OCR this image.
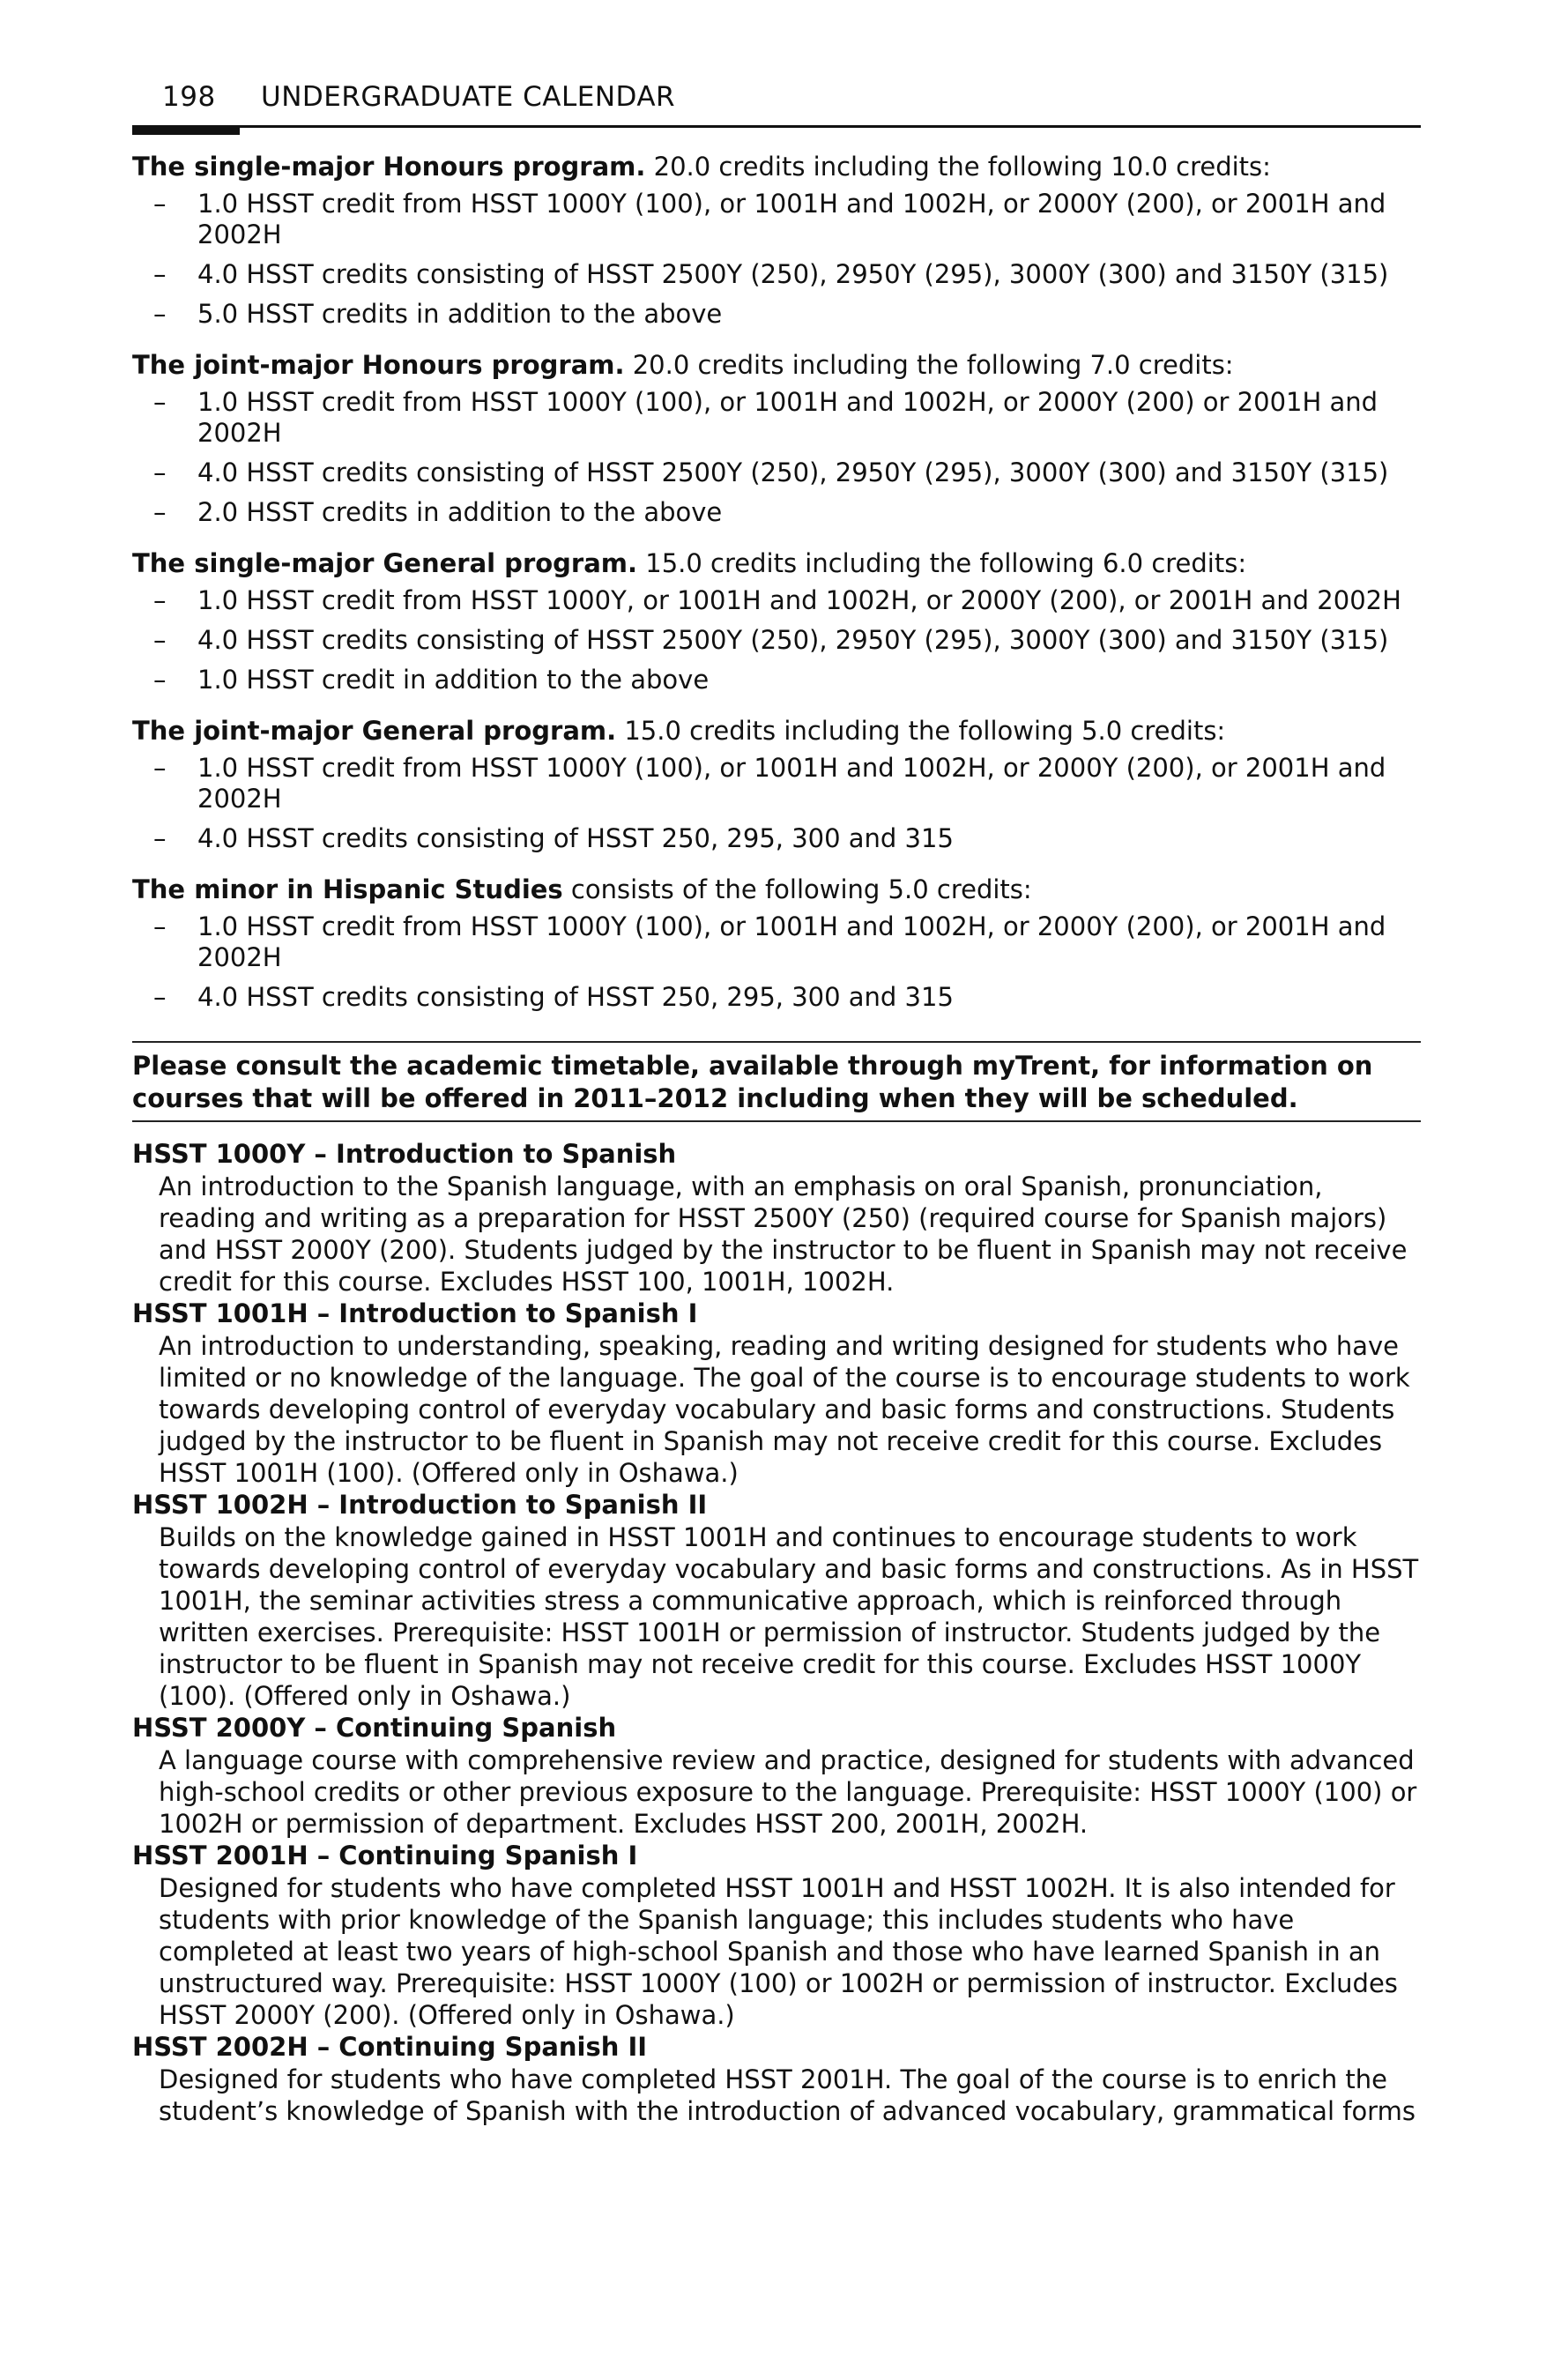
198 UNDERGRADUATE CALENDAR

The single-major Honours program. 20.0 credits including the following 10.0 credits:

– 1.0 HSST credit from HSST 1000Y (100), or 1001H and 1002H, or 2000Y (200), or 2001H and 2002H
– 4.0 HSST credits consisting of HSST 2500Y (250), 2950Y (295), 3000Y (300) and 3150Y (315)
– 5.0 HSST credits in addition to the above

The joint-major Honours program. 20.0 credits including the following 7.0 credits:

– 1.0 HSST credit from HSST 1000Y (100), or 1001H and 1002H, or 2000Y (200) or 2001H and 2002H
– 4.0 HSST credits consisting of HSST 2500Y (250), 2950Y (295), 3000Y (300) and 3150Y (315)
– 2.0 HSST credits in addition to the above

The single-major General program. 15.0 credits including the following 6.0 credits:

– 1.0 HSST credit from HSST 1000Y, or 1001H and 1002H, or 2000Y (200), or 2001H and 2002H
– 4.0 HSST credits consisting of HSST 2500Y (250), 2950Y (295), 3000Y (300) and 3150Y (315)
– 1.0 HSST credit in addition to the above

The joint-major General program. 15.0 credits including the following 5.0 credits:

– 1.0 HSST credit from HSST 1000Y (100), or 1001H and 1002H, or 2000Y (200), or 2001H and 2002H
– 4.0 HSST credits consisting of HSST 250, 295, 300 and 315

The minor in Hispanic Studies consists of the following 5.0 credits:

– 1.0 HSST credit from HSST 1000Y (100), or 1001H and 1002H, or 2000Y (200), or 2001H and 2002H
– 4.0 HSST credits consisting of HSST 250, 295, 300 and 315
Please consult the academic timetable, available through myTrent, for information on courses that will be offered in 2011–2012 including when they will be scheduled.
HSST 1000Y – Introduction to Spanish
An introduction to the Spanish language, with an emphasis on oral Spanish, pronunciation, reading and writing as a preparation for HSST 2500Y (250) (required course for Spanish majors) and HSST 2000Y (200). Students judged by the instructor to be fluent in Spanish may not receive credit for this course. Excludes HSST 100, 1001H, 1002H.
HSST 1001H – Introduction to Spanish I
An introduction to understanding, speaking, reading and writing designed for students who have limited or no knowledge of the language. The goal of the course is to encourage students to work towards developing control of everyday vocabulary and basic forms and constructions. Students judged by the instructor to be fluent in Spanish may not receive credit for this course. Excludes HSST 1001H (100). (Offered only in Oshawa.)
HSST 1002H – Introduction to Spanish II
Builds on the knowledge gained in HSST 1001H and continues to encourage students to work towards developing control of everyday vocabulary and basic forms and constructions. As in HSST 1001H, the seminar activities stress a communicative approach, which is reinforced through written exercises. Prerequisite: HSST 1001H or permission of instructor. Students judged by the instructor to be fluent in Spanish may not receive credit for this course. Excludes HSST 1000Y (100). (Offered only in Oshawa.)
HSST 2000Y – Continuing Spanish
A language course with comprehensive review and practice, designed for students with advanced high-school credits or other previous exposure to the language. Prerequisite: HSST 1000Y (100) or 1002H or permission of department. Excludes HSST 200, 2001H, 2002H.
HSST 2001H – Continuing Spanish I
Designed for students who have completed HSST 1001H and HSST 1002H. It is also intended for students with prior knowledge of the Spanish language; this includes students who have completed at least two years of high-school Spanish and those who have learned Spanish in an unstructured way. Prerequisite: HSST 1000Y (100) or 1002H or permission of instructor. Excludes HSST 2000Y (200). (Offered only in Oshawa.)
HSST 2002H – Continuing Spanish II
Designed for students who have completed HSST 2001H. The goal of the course is to enrich the student’s knowledge of Spanish with the introduction of advanced vocabulary, grammatical forms
